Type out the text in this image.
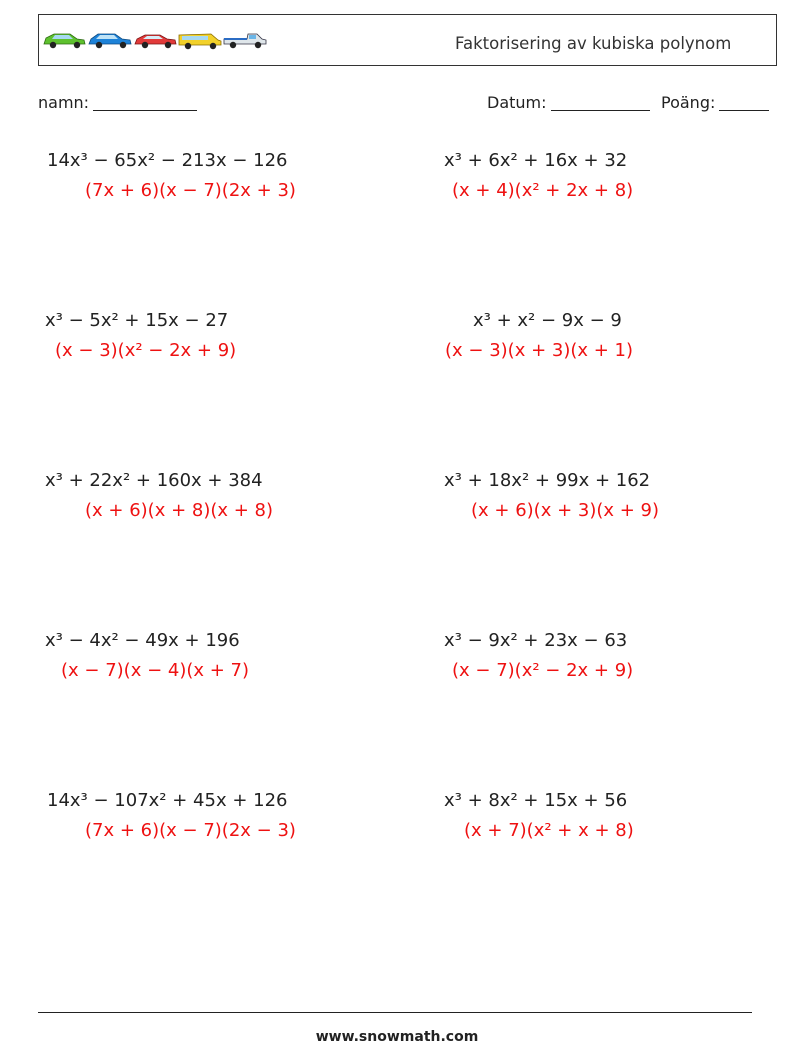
Faktorisering av kubiska polynom
namn:	Datum:	Poäng:
14x³ − 65x² − 213x − 126
(7x + 6)(x − 7)(2x + 3)
x³ − 5x² + 15x − 27
(x − 3)(x² − 2x + 9)
x³ + 22x² + 160x + 384
(x + 6)(x + 8)(x + 8)
x³ − 4x² − 49x + 196
(x − 7)(x − 4)(x + 7)
14x³ − 107x² + 45x + 126
(7x + 6)(x − 7)(2x − 3)
x³ + 6x² + 16x + 32
(x + 4)(x² + 2x + 8)
x³ + x² − 9x − 9
(x − 3)(x + 3)(x + 1)
x³ + 18x² + 99x + 162
(x + 6)(x + 3)(x + 9)
x³ − 9x² + 23x − 63
(x − 7)(x² − 2x + 9)
x³ + 8x² + 15x + 56
(x + 7)(x² + x + 8)
www.snowmath.com
